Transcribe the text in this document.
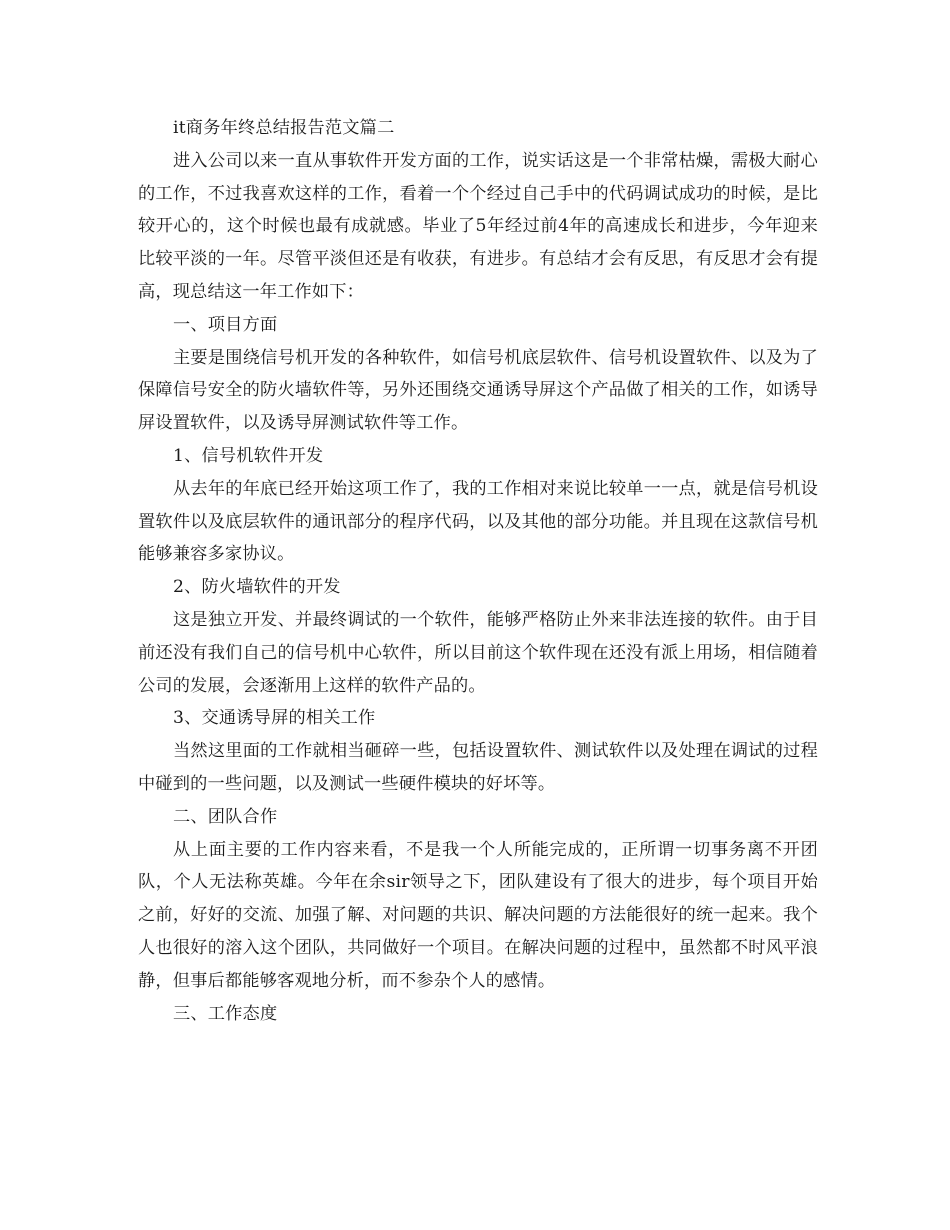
it商务年终总结报告范文篇二

进入公司以来一直从事软件开发方面的工作，说实话这是一个非常枯燥，需极大耐心的工作，不过我喜欢这样的工作，看着一个个经过自己手中的代码调试成功的时候，是比较开心的，这个时候也最有成就感。毕业了5年经过前4年的高速成长和进步，今年迎来比较平淡的一年。尽管平淡但还是有收获，有进步。有总结才会有反思，有反思才会有提高，现总结这一年工作如下：

一、项目方面

主要是围绕信号机开发的各种软件，如信号机底层软件、信号机设置软件、以及为了保障信号安全的防火墙软件等，另外还围绕交通诱导屏这个产品做了相关的工作，如诱导屏设置软件，以及诱导屏测试软件等工作。

1、信号机软件开发

从去年的年底已经开始这项工作了，我的工作相对来说比较单一一点，就是信号机设置软件以及底层软件的通讯部分的程序代码，以及其他的部分功能。并且现在这款信号机能够兼容多家协议。

2、防火墙软件的开发

这是独立开发、并最终调试的一个软件，能够严格防止外来非法连接的软件。由于目前还没有我们自己的信号机中心软件，所以目前这个软件现在还没有派上用场，相信随着公司的发展，会逐渐用上这样的软件产品的。

3、交通诱导屏的相关工作

当然这里面的工作就相当砸碎一些，包括设置软件、测试软件以及处理在调试的过程中碰到的一些问题，以及测试一些硬件模块的好坏等。

二、团队合作

从上面主要的工作内容来看，不是我一个人所能完成的，正所谓一切事务离不开团队，个人无法称英雄。今年在余sir领导之下，团队建设有了很大的进步，每个项目开始之前，好好的交流、加强了解、对问题的共识、解决问题的方法能很好的统一起来。我个人也很好的溶入这个团队，共同做好一个项目。在解决问题的过程中，虽然都不时风平浪静，但事后都能够客观地分析，而不参杂个人的感情。

三、工作态度
